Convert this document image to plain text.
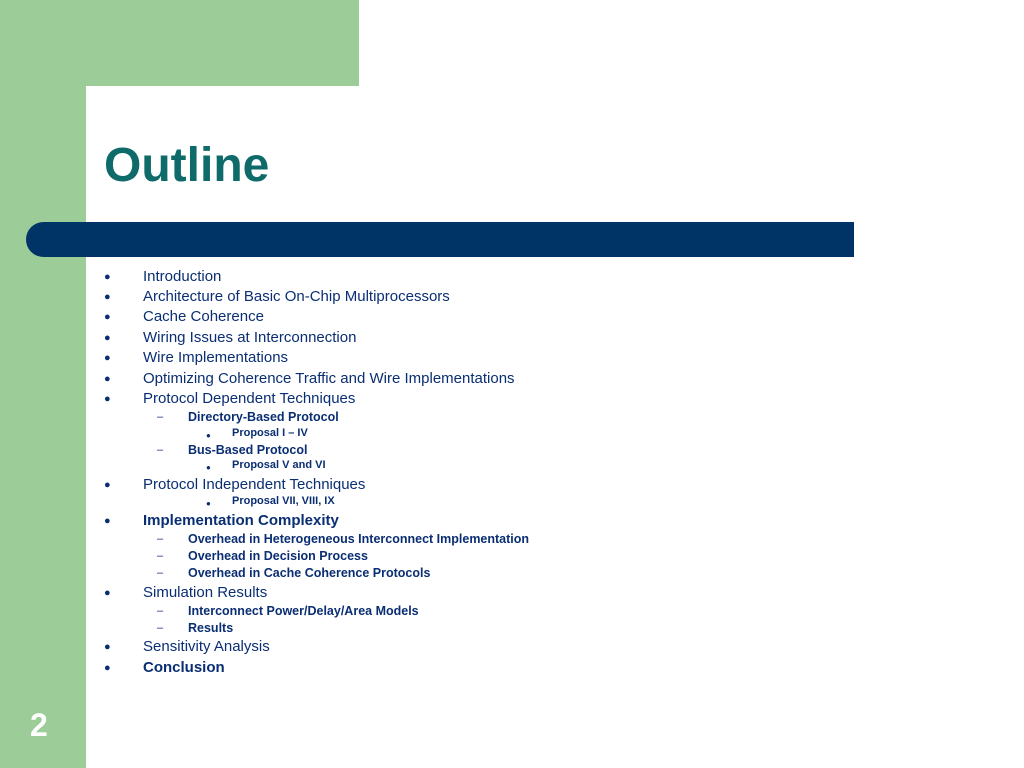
Outline
● Introduction
● Architecture of Basic On-Chip Multiprocessors
● Cache Coherence
● Wiring Issues at Interconnection
● Wire Implementations
● Optimizing Coherence Traffic and Wire Implementations
● Protocol Dependent Techniques
– Directory-Based Protocol
● Proposal I – IV
– Bus-Based Protocol
● Proposal V and VI
● Protocol Independent Techniques
● Proposal VII, VIII, IX
● Implementation Complexity
– Overhead in Heterogeneous Interconnect Implementation
– Overhead in Decision Process
– Overhead in Cache Coherence Protocols
● Simulation Results
– Interconnect Power/Delay/Area Models
– Results
● Sensitivity Analysis
● Conclusion
2
